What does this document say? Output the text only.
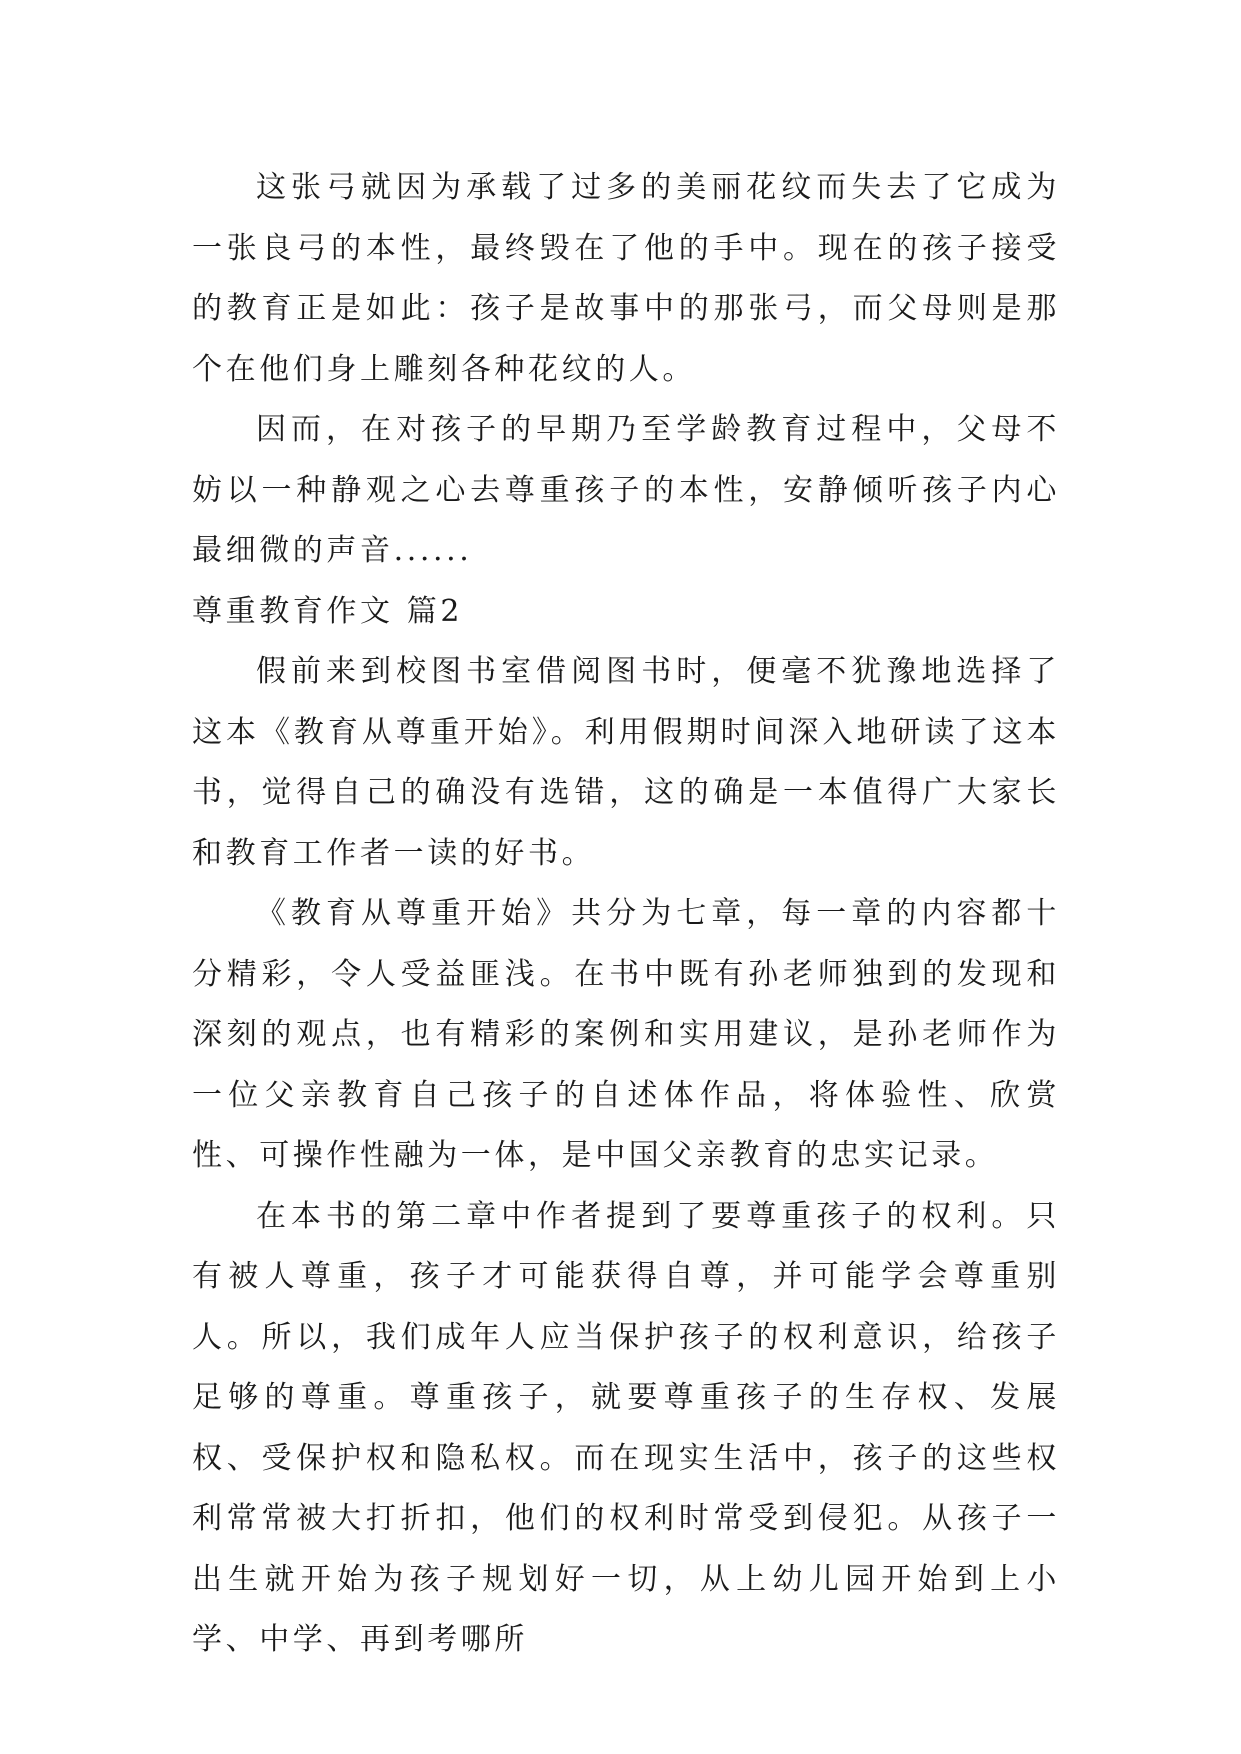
这张弓就因为承载了过多的美丽花纹而失去了它成为一张良弓的本性，最终毁在了他的手中。现在的孩子接受的教育正是如此：孩子是故事中的那张弓，而父母则是那个在他们身上雕刻各种花纹的人。

因而，在对孩子的早期乃至学龄教育过程中，父母不妨以一种静观之心去尊重孩子的本性，安静倾听孩子内心最细微的声音......

尊重教育作文 篇2

假前来到校图书室借阅图书时，便毫不犹豫地选择了这本《教育从尊重开始》。利用假期时间深入地研读了这本书，觉得自己的确没有选错，这的确是一本值得广大家长和教育工作者一读的好书。

《教育从尊重开始》共分为七章，每一章的内容都十分精彩，令人受益匪浅。在书中既有孙老师独到的发现和深刻的观点，也有精彩的案例和实用建议，是孙老师作为一位父亲教育自己孩子的自述体作品，将体验性、欣赏性、可操作性融为一体，是中国父亲教育的忠实记录。

在本书的第二章中作者提到了要尊重孩子的权利。只有被人尊重，孩子才可能获得自尊，并可能学会尊重别人。所以，我们成年人应当保护孩子的权利意识，给孩子足够的尊重。尊重孩子，就要尊重孩子的生存权、发展权、受保护权和隐私权。而在现实生活中，孩子的这些权利常常被大打折扣，他们的权利时常受到侵犯。从孩子一出生就开始为孩子规划好一切，从上幼儿园开始到上小学、中学、再到考哪所
